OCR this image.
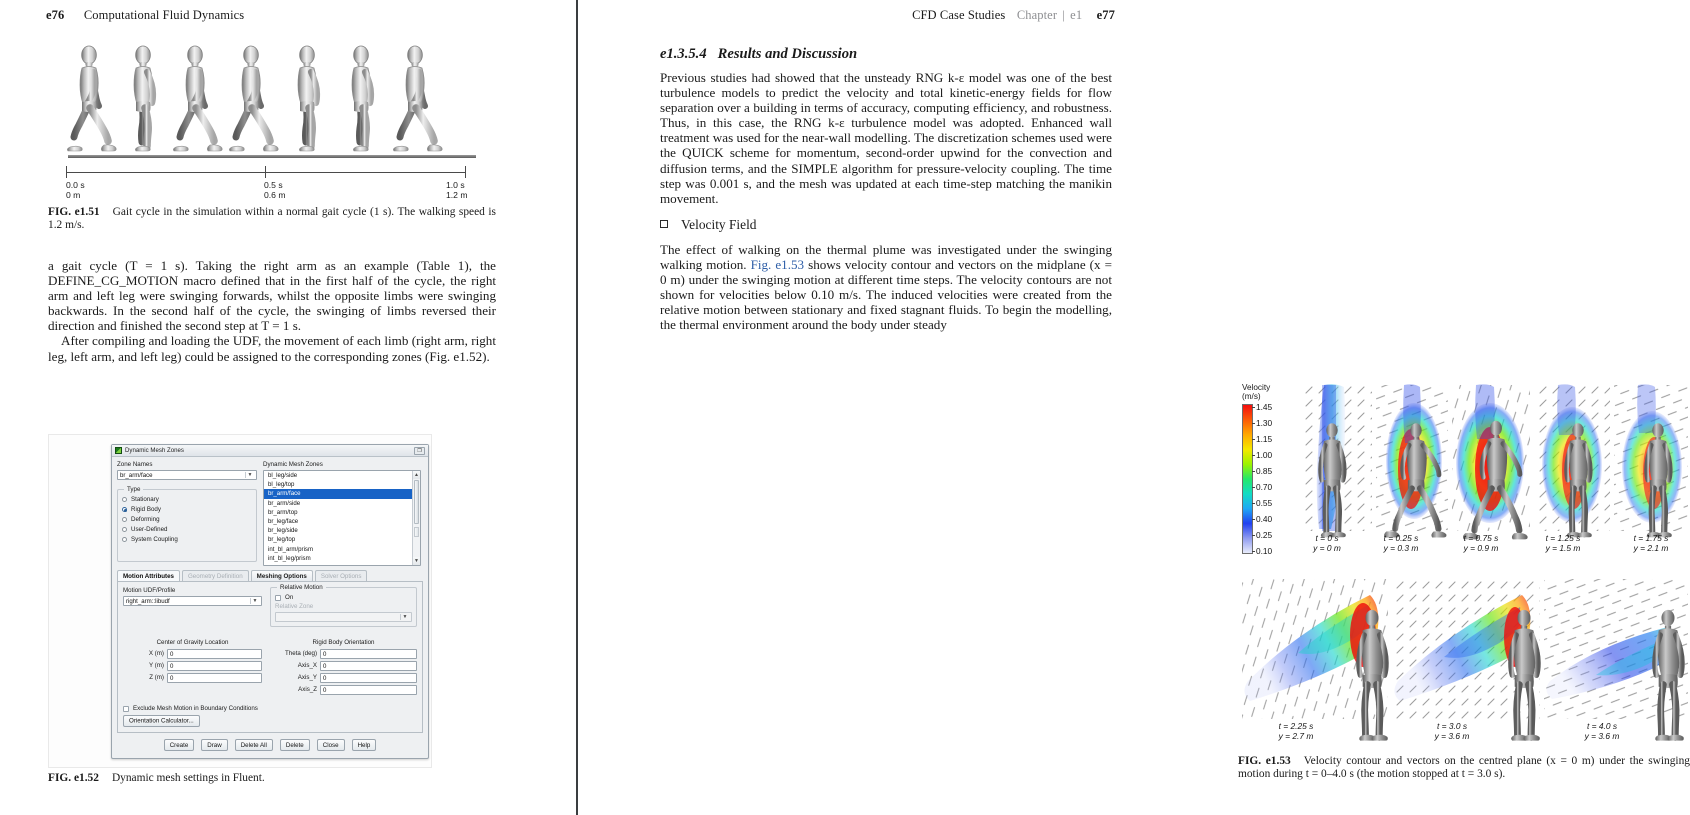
e76 Computational Fluid Dynamics
0.0 s
0 m
0.5 s
0.6 m
1.0 s
1.2 m
FIG. e1.51 Gait cycle in the simulation within a normal gait cycle (1 s). The walking speed is 1.2 m/s.

a gait cycle (T = 1 s). Taking the right arm as an example (Table 1), the DEFINE_CG_MOTION macro defined that in the first half of the cycle, the right arm and left leg were swinging forwards, whilst the opposite limbs were swinging backwards. In the second half of the cycle, the swinging of limbs reversed their direction and finished the second step at T = 1 s.

After compiling and loading the UDF, the movement of each limb (right arm, right leg, left arm, and left leg) could be assigned to the corresponding zones (Fig. e1.52).

Dynamic Mesh Zones	❐
Zone Names
br_arm/face	▼
Type
Stationary
Rigid Body
Deforming
User-Defined
System Coupling
Dynamic Mesh Zones
bl_leg/side
bl_leg/top
br_arm/face
br_arm/side
br_arm/top
br_leg/face
br_leg/side
br_leg/top
int_bl_arm/prism
int_bl_leg/prism
▲
▼
Motion Attributes	Geometry Definition	Meshing Options	Solver Options
Motion UDF/Profile
right_arm::libudf	▼
Relative Motion
On
Relative Zone
▼
Center of Gravity Location
X (m) 0
Y (m) 0
Z (m) 0
Rigid Body Orientation
Theta (deg) 0
Axis_X 0
Axis_Y 0
Axis_Z 0
Exclude Mesh Motion in Boundary Conditions
Orientation Calculator...
Create	Draw	Delete All	Delete	Close	Help
FIG. e1.52 Dynamic mesh settings in Fluent.
CFD Case Studies Chapter | e1 e77
e1.3.5.4 Results and Discussion

Previous studies had showed that the unsteady RNG k-ε model was one of the best turbulence models to predict the velocity and total kinetic-energy fields for flow separation over a building in terms of accuracy, computing efficiency, and robustness. Thus, in this case, the RNG k-ε turbulence model was adopted. Enhanced wall treatment was used for the near-wall modelling. The discretization schemes used were the QUICK scheme for momentum, second-order upwind for the convection and diffusion terms, and the SIMPLE algorithm for pressure-velocity coupling. The time step was 0.001 s, and the mesh was updated at each time-step matching the manikin movement.

Velocity Field

The effect of walking on the thermal plume was investigated under the swinging walking motion. Fig. e1.53 shows velocity contour and vectors on the midplane (x = 0 m) under the swinging motion at different time steps. The velocity contours are not shown for velocities below 0.10 m/s. The induced velocities were created from the relative motion between stationary and fixed stagnant fluids. To begin the modelling, the thermal environment around the body under steady

Velocity
(m/s)
1.45
1.30
1.15
1.00
0.85
0.70
0.55
0.40
0.25
0.10
t = 0 s
y = 0 m
t = 0.25 s
y = 0.3 m
t = 0.75 s
y = 0.9 m
t = 1.25 s
y = 1.5 m
t = 1.75 s
y = 2.1 m
t = 2.25 s
y = 2.7 m
t = 3.0 s
y = 3.6 m
t = 4.0 s
y = 3.6 m
FIG. e1.53 Velocity contour and vectors on the centred plane (x = 0 m) under the swinging motion during t = 0–4.0 s (the motion stopped at t = 3.0 s).
